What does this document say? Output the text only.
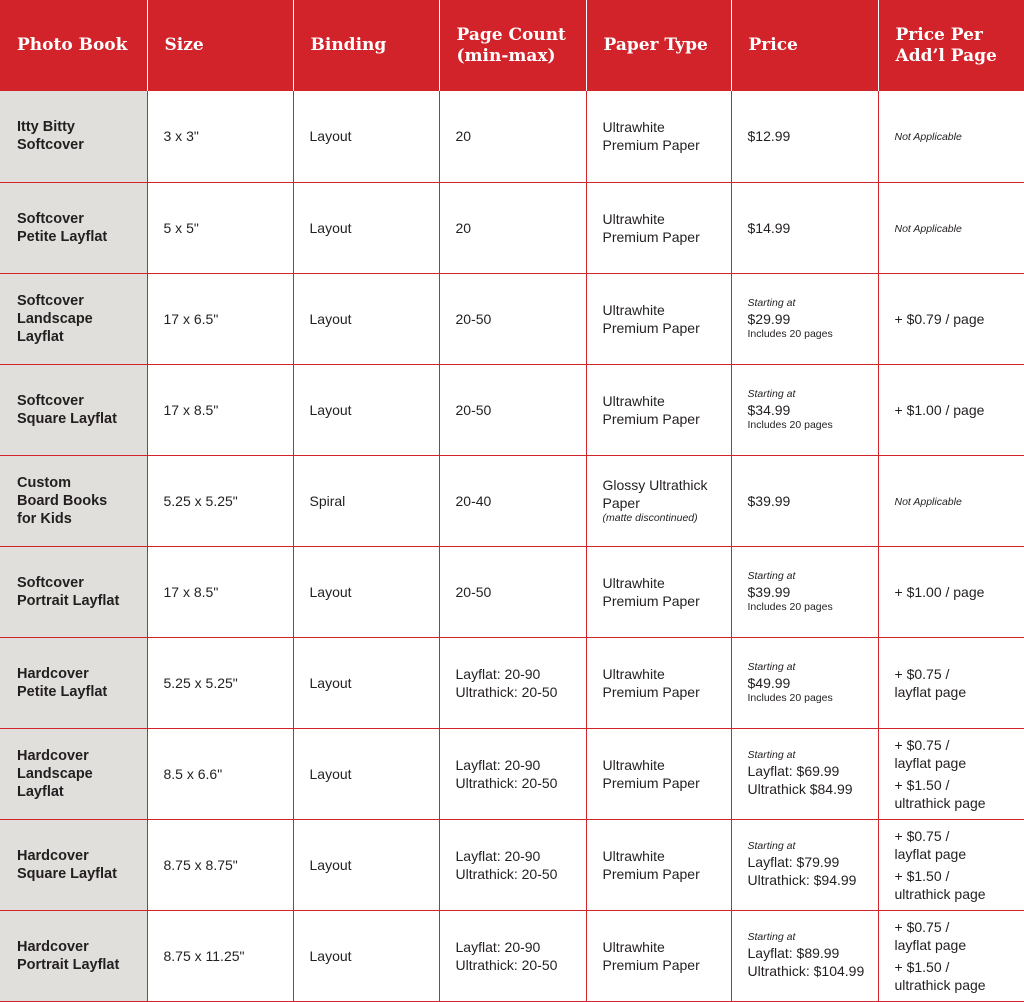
Photo Book	Size	Binding	Page Count
(min-max)	Paper Type	Price	Price Per
Add’l Page

Itty Bitty
Softcover	3 x 3"	Layout	20	Ultrawhite
Premium Paper	$12.99	Not Applicable

Softcover
Petite Layflat	5 x 5"	Layout	20	Ultrawhite
Premium Paper	$14.99	Not Applicable

Softcover
Landscape
Layflat	17 x 6.5"	Layout	20-50	Ultrawhite
Premium Paper	Starting at
$29.99
Includes 20 pages	+ $0.79 / page

Softcover
Square Layflat	17 x 8.5"	Layout	20-50	Ultrawhite
Premium Paper	Starting at
$34.99
Includes 20 pages	+ $1.00 / page

Custom
Board Books
for Kids	5.25 x 5.25"	Spiral	20-40	Glossy Ultrathick
Paper
(matte discontinued)	$39.99	Not Applicable

Softcover
Portrait Layflat	17 x 8.5"	Layout	20-50	Ultrawhite
Premium Paper	Starting at
$39.99
Includes 20 pages	+ $1.00 / page

Hardcover
Petite Layflat	5.25 x 5.25"	Layout	Layflat: 20-90
Ultrathick: 20-50	Ultrawhite
Premium Paper	Starting at
$49.99
Includes 20 pages	+ $0.75 /
layflat page

Hardcover
Landscape
Layflat	8.5 x 6.6"	Layout	Layflat: 20-90
Ultrathick: 20-50	Ultrawhite
Premium Paper	Starting at
Layflat: $69.99
Ultrathick $84.99	+ $0.75 /
layflat page
+ $1.50 /
ultrathick page

Hardcover
Square Layflat	8.75 x 8.75"	Layout	Layflat: 20-90
Ultrathick: 20-50	Ultrawhite
Premium Paper	Starting at
Layflat: $79.99
Ultrathick: $94.99	+ $0.75 /
layflat page
+ $1.50 /
ultrathick page

Hardcover
Portrait Layflat	8.75 x 11.25"	Layout	Layflat: 20-90
Ultrathick: 20-50	Ultrawhite
Premium Paper	Starting at
Layflat: $89.99
Ultrathick: $104.99	+ $0.75 /
layflat page
+ $1.50 /
ultrathick page
